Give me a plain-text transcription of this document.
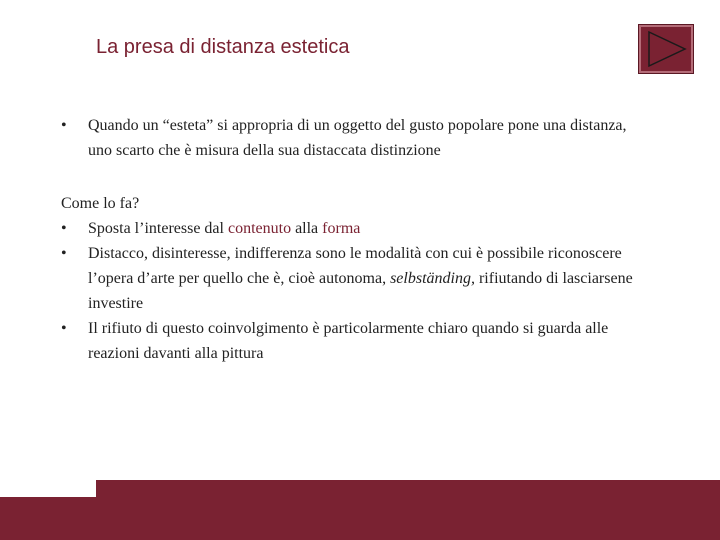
La presa di distanza estetica
• Quando un “esteta” si appropria di un oggetto del gusto popolare pone una distanza, uno scarto che è misura della sua distaccata distinzione
Come lo fa?
• Sposta l’interesse dal contenuto alla forma
• Distacco, disinteresse, indifferenza sono le modalità con cui è possibile riconoscere l’opera d’arte per quello che è, cioè autonoma, selbständing, rifiutando di lasciarsene investire
• Il rifiuto di questo coinvolgimento è particolarmente chiaro quando si guarda alle reazioni davanti alla pittura
